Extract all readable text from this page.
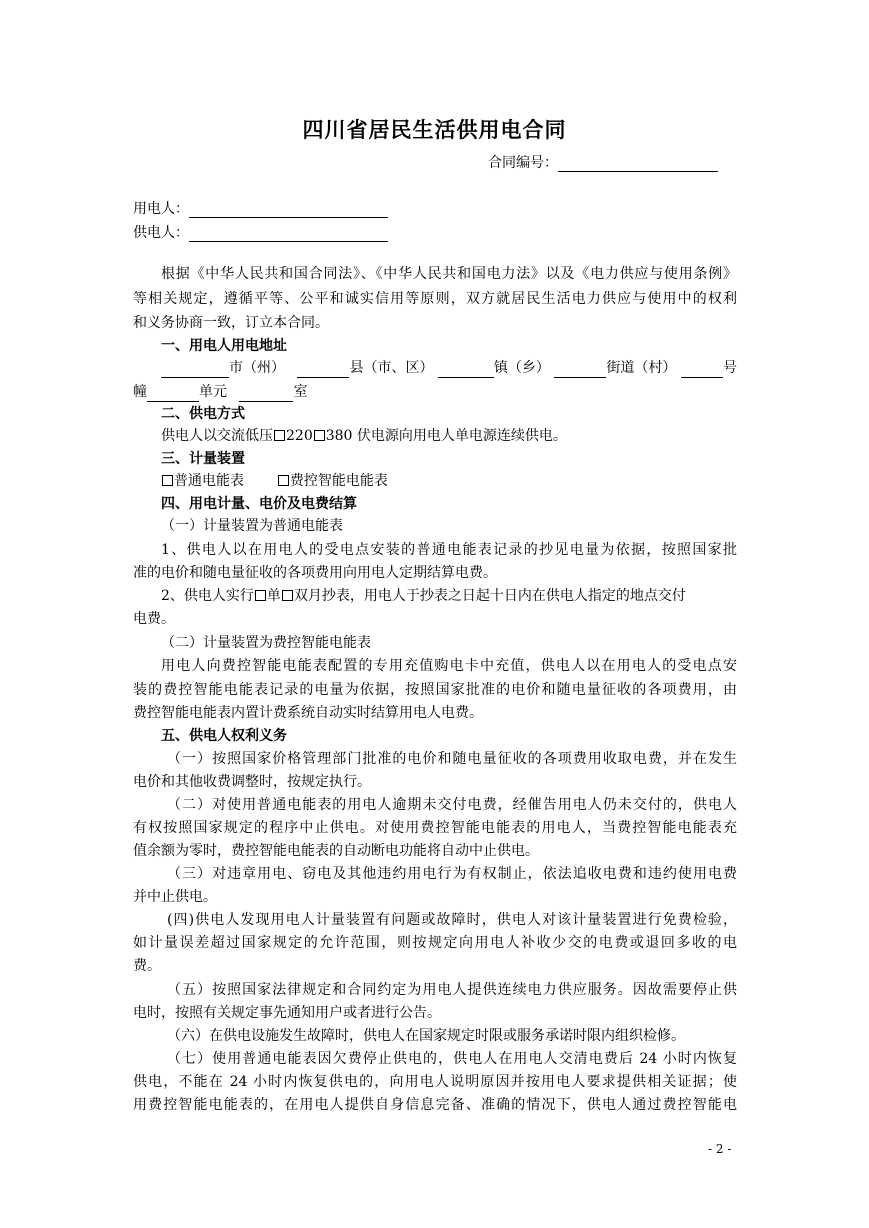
四川省居民生活供用电合同
合同编号：
用电人：
供电人：
根据《中华人民共和国合同法》、《中华人民共和国电力法》以及《电力供应与使用条例》
等相关规定，遵循平等、公平和诚实信用等原则，双方就居民生活电力供应与使用中的权利
和义务协商一致，订立本合同。
一、用电人用电地址
市（州）	县（市、区）	镇（乡）	街道（村）	号
幢	单元	室
二、供电方式
供电人以交流低压 220 380 伏电源向用电人单电源连续供电。
三、计量装置
普通电能表	费控智能电能表
四、用电计量、电价及电费结算
（一）计量装置为普通电能表
1、供电人以在用电人的受电点安装的普通电能表记录的抄见电量为依据，按照国家批
准的电价和随电量征收的各项费用向用电人定期结算电费。
2、供电人实行 单 双月抄表，用电人于抄表之日起十日内在供电人指定的地点交付
电费。
（二）计量装置为费控智能电能表
用电人向费控智能电能表配置的专用充值购电卡中充值，供电人以在用电人的受电点安
装的费控智能电能表记录的电量为依据，按照国家批准的电价和随电量征收的各项费用，由
费控智能电能表内置计费系统自动实时结算用电人电费。
五、供电人权利义务
（一）按照国家价格管理部门批准的电价和随电量征收的各项费用收取电费，并在发生
电价和其他收费调整时，按规定执行。
（二）对使用普通电能表的用电人逾期未交付电费，经催告用电人仍未交付的，供电人
有权按照国家规定的程序中止供电。对使用费控智能电能表的用电人，当费控智能电能表充
值余额为零时，费控智能电能表的自动断电功能将自动中止供电。
（三）对违章用电、窃电及其他违约用电行为有权制止，依法追收电费和违约使用电费
并中止供电。
(四)供电人发现用电人计量装置有问题或故障时，供电人对该计量装置进行免费检验，
如计量误差超过国家规定的允许范围，则按规定向用电人补收少交的电费或退回多收的电
费。
（五）按照国家法律规定和合同约定为用电人提供连续电力供应服务。因故需要停止供
电时，按照有关规定事先通知用户或者进行公告。
（六）在供电设施发生故障时，供电人在国家规定时限或服务承诺时限内组织检修。
（七）使用普通电能表因欠费停止供电的，供电人在用电人交清电费后 24 小时内恢复
供电，不能在 24 小时内恢复供电的，向用电人说明原因并按用电人要求提供相关证据；使
用费控智能电能表的，在用电人提供自身信息完备、准确的情况下，供电人通过费控智能电
- 2 -
